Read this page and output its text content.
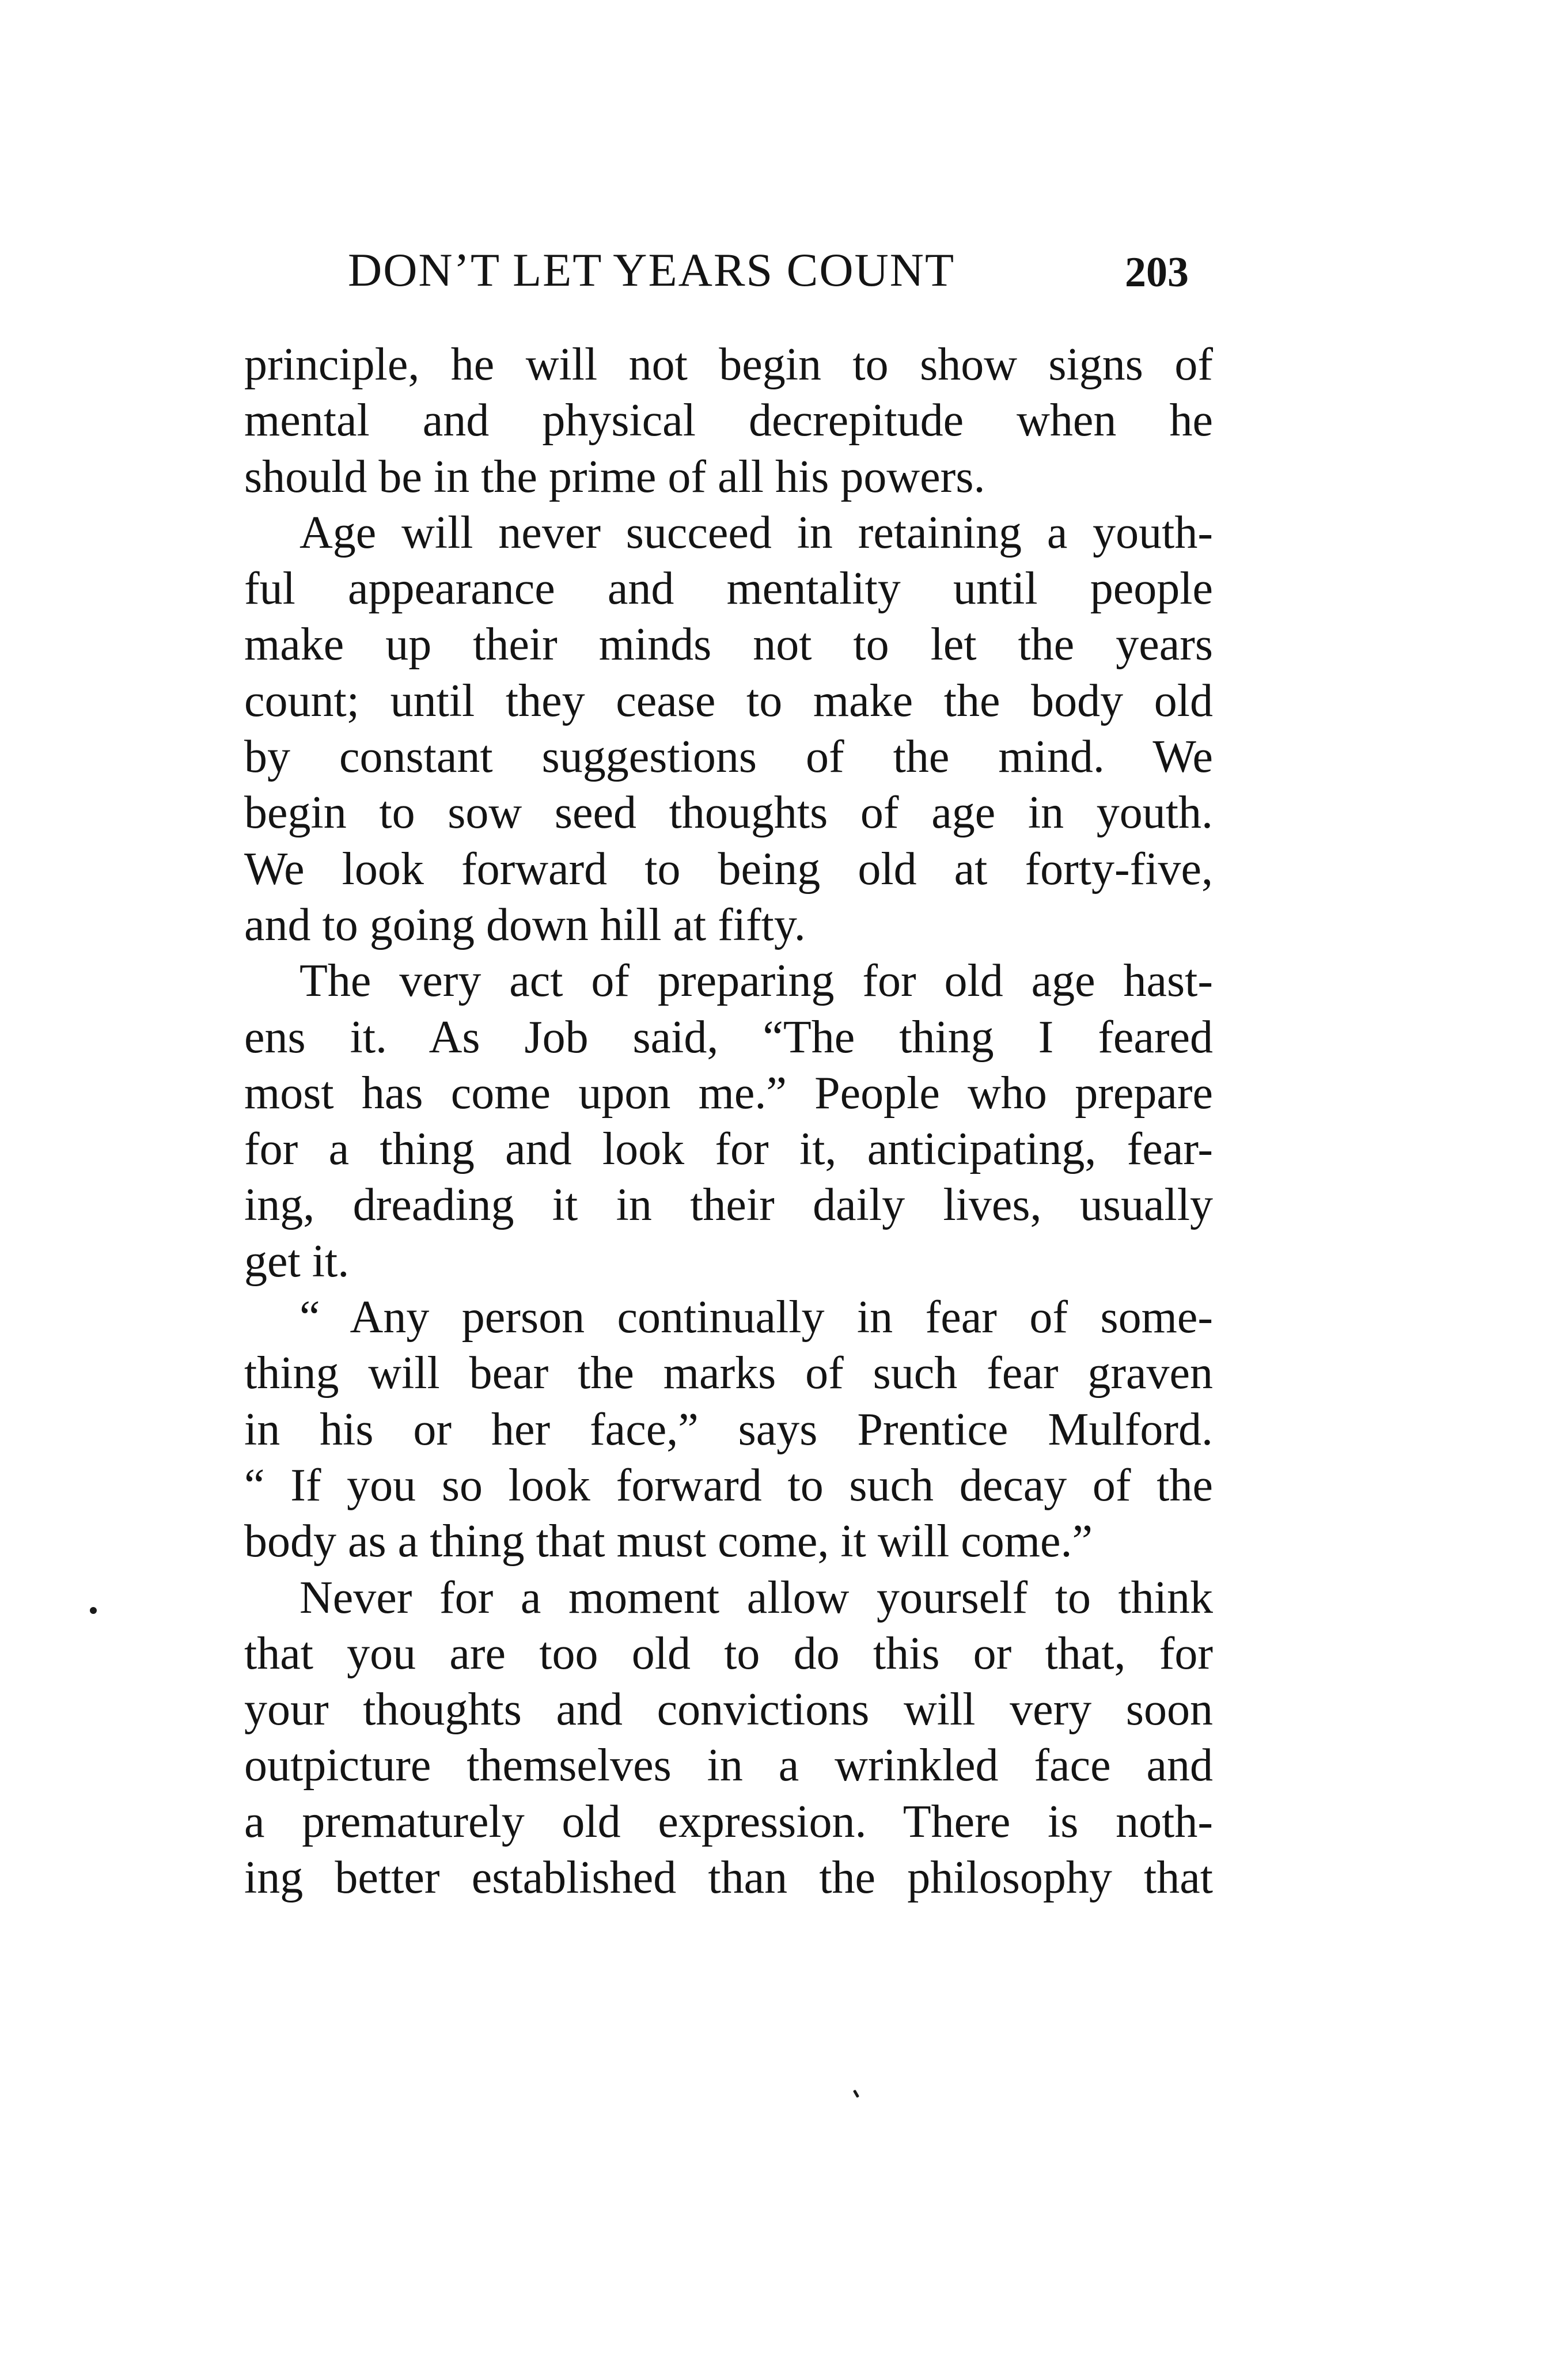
DON’T LET YEARS COUNT	203
principle, he will not begin to show signs of
mental and physical decrepitude when he
should be in the prime of all his powers.
Age will never succeed in retaining a youth-
ful appearance and mentality until people
make up their minds not to let the years
count; until they cease to make the body old
by constant suggestions of the mind. We
begin to sow seed thoughts of age in youth.
We look forward to being old at forty-five,
and to going down hill at fifty.
The very act of preparing for old age hast-
ens it. As Job said, “The thing I feared
most has come upon me.” People who prepare
for a thing and look for it, anticipating, fear-
ing, dreading it in their daily lives, usually
get it.
“ Any person continually in fear of some-
thing will bear the marks of such fear graven
in his or her face,” says Prentice Mulford.
“ If you so look forward to such decay of the
body as a thing that must come, it will come.”
Never for a moment allow yourself to think
that you are too old to do this or that, for
your thoughts and convictions will very soon
outpicture themselves in a wrinkled face and
a prematurely old expression. There is noth-
ing better established than the philosophy that
